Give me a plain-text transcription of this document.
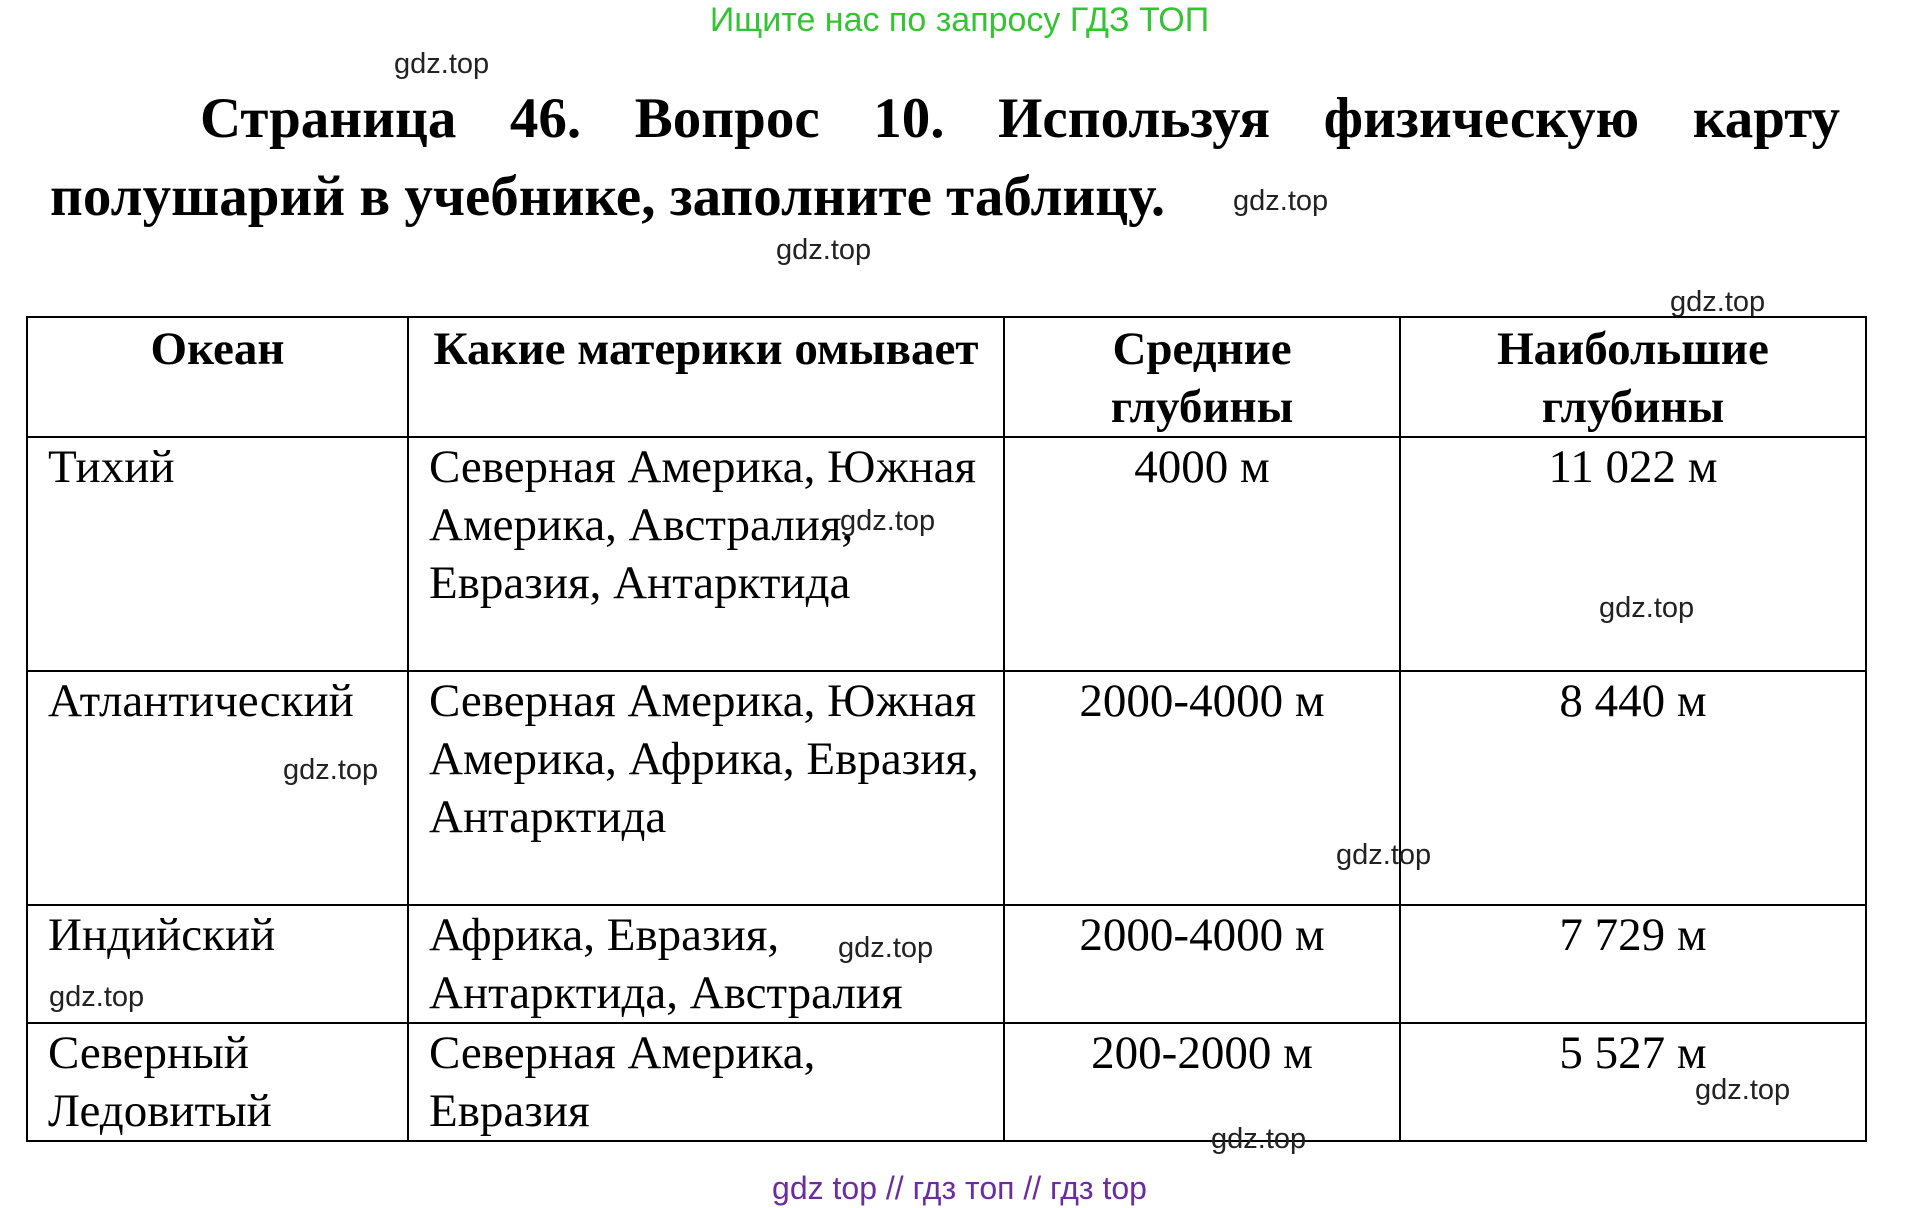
Ищите нас по запросу ГДЗ ТОП
gdz.top
Страница 46. Вопрос 10. Используя физическую карту
полушарий в учебнике, заполните таблицу.	gdz.top
gdz.top
gdz.top
Океан	Какие материки омывает	Средние глубины	Наибольшие глубины
Тихий	Северная Америка, Южная Америка, Австралия, Евразия, Антарктида	4000 м	11 022 м
Атлантический	Северная Америка, Южная Америка, Африка, Евразия, Антарктида	2000-4000 м	8 440 м
Индийский	Африка, Евразия, Антарктида, Австралия	2000-4000 м	7 729 м
Северный Ледовитый	Северная Америка, Евразия	200-2000 м	5 527 м
gdz.top
gdz.top
gdz.top
gdz.top
gdz.top
gdz.top
gdz.top
gdz.top
gdz top // гдз топ // гдз top
